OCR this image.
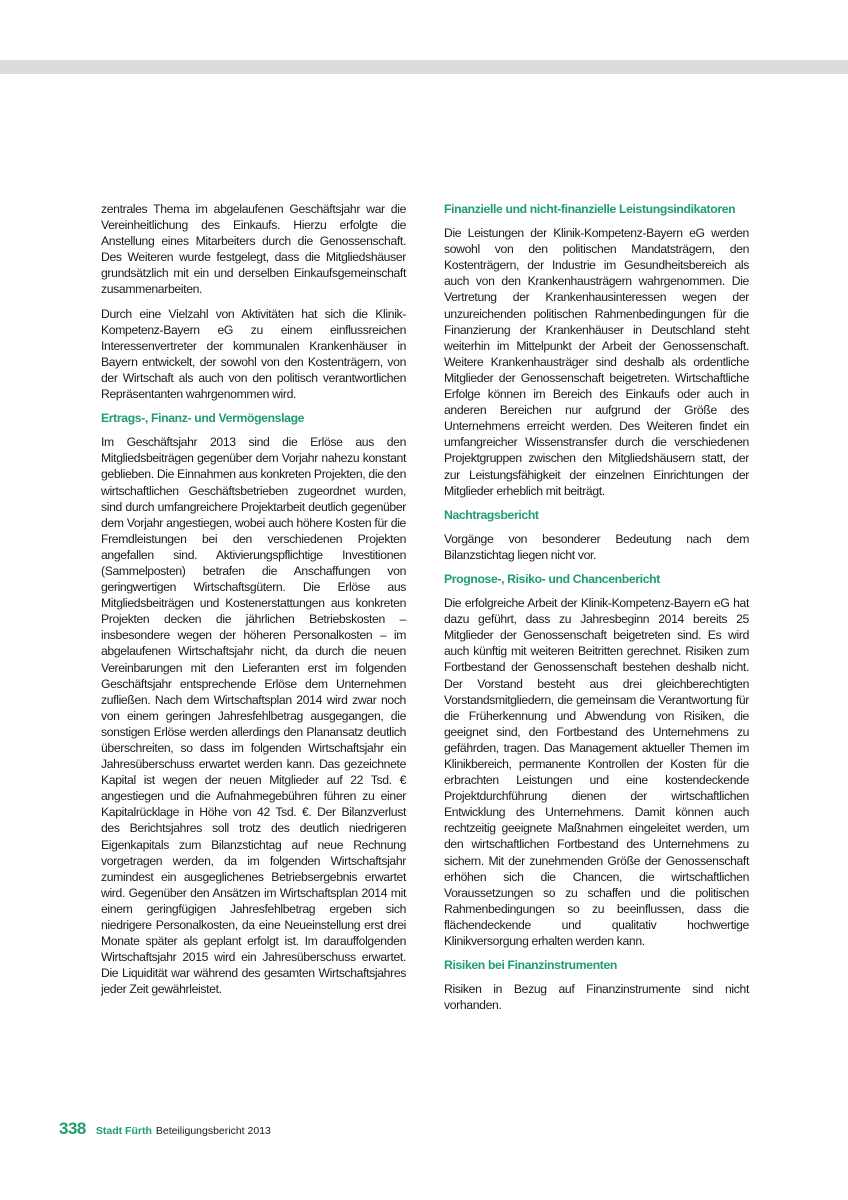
zentrales Thema im abgelaufenen Geschäftsjahr war die Vereinheitlichung des Einkaufs. Hierzu erfolgte die Anstellung eines Mitarbeiters durch die Genossenschaft. Des Weiteren wurde festgelegt, dass die Mitgliedshäuser grundsätzlich mit ein und derselben Einkaufsgemeinschaft zusammenarbeiten.

Durch eine Vielzahl von Aktivitäten hat sich die Klinik-Kompetenz-Bayern eG zu einem einflussreichen Interessenvertreter der kommunalen Krankenhäuser in Bayern entwickelt, der sowohl von den Kostenträgern, von der Wirtschaft als auch von den politisch verantwortlichen Repräsentanten wahrgenommen wird.

Ertrags-, Finanz- und Vermögenslage

Im Geschäftsjahr 2013 sind die Erlöse aus den Mitgliedsbeiträgen gegenüber dem Vorjahr nahezu konstant geblieben. Die Einnahmen aus konkreten Projekten, die den wirtschaftlichen Geschäftsbetrieben zugeordnet wurden, sind durch umfangreichere Projektarbeit deutlich gegenüber dem Vorjahr angestiegen, wobei auch höhere Kosten für die Fremdleistungen bei den verschiedenen Projekten angefallen sind. Aktivierungspflichtige Investitionen (Sammelposten) betrafen die Anschaffungen von geringwertigen Wirtschaftsgütern. Die Erlöse aus Mitgliedsbeiträgen und Kostenerstattungen aus konkreten Projekten decken die jährlichen Betriebskosten – insbesondere wegen der höheren Personalkosten – im abgelaufenen Wirtschaftsjahr nicht, da durch die neuen Vereinbarungen mit den Lieferanten erst im folgenden Geschäftsjahr entsprechende Erlöse dem Unternehmen zufließen. Nach dem Wirtschaftsplan 2014 wird zwar noch von einem geringen Jahresfehlbetrag ausgegangen, die sonstigen Erlöse werden allerdings den Planansatz deutlich überschreiten, so dass im folgenden Wirtschaftsjahr ein Jahresüberschuss erwartet werden kann. Das gezeichnete Kapital ist wegen der neuen Mitglieder auf 22 Tsd. € angestiegen und die Aufnahmegebühren führen zu einer Kapitalrücklage in Höhe von 42 Tsd. €. Der Bilanzverlust des Berichtsjahres soll trotz des deutlich niedrigeren Eigenkapitals zum Bilanzstichtag auf neue Rechnung vorgetragen werden, da im folgenden Wirtschaftsjahr zumindest ein ausgeglichenes Betriebsergebnis erwartet wird. Gegenüber den Ansätzen im Wirtschaftsplan 2014 mit einem geringfügigen Jahresfehlbetrag ergeben sich niedrigere Personalkosten, da eine Neueinstellung erst drei Monate später als geplant erfolgt ist. Im darauffolgenden Wirtschaftsjahr 2015 wird ein Jahresüberschuss erwartet. Die Liquidität war während des gesamten Wirtschaftsjahres jeder Zeit gewährleistet.

Finanzielle und nicht-finanzielle Leistungsindikatoren

Die Leistungen der Klinik-Kompetenz-Bayern eG werden sowohl von den politischen Mandatsträgern, den Kostenträgern, der Industrie im Gesundheitsbereich als auch von den Krankenhausträgern wahrgenommen. Die Vertretung der Krankenhausinteressen wegen der unzureichenden politischen Rahmenbedingungen für die Finanzierung der Krankenhäuser in Deutschland steht weiterhin im Mittelpunkt der Arbeit der Genossenschaft. Weitere Krankenhausträger sind deshalb als ordentliche Mitglieder der Genossenschaft beigetreten. Wirtschaftliche Erfolge können im Bereich des Einkaufs oder auch in anderen Bereichen nur aufgrund der Größe des Unternehmens erreicht werden. Des Weiteren findet ein umfangreicher Wissenstransfer durch die verschiedenen Projektgruppen zwischen den Mitgliedshäusern statt, der zur Leistungsfähigkeit der einzelnen Einrichtungen der Mitglieder erheblich mit beiträgt.

Nachtragsbericht

Vorgänge von besonderer Bedeutung nach dem Bilanzstichtag liegen nicht vor.

Prognose-, Risiko- und Chancenbericht

Die erfolgreiche Arbeit der Klinik-Kompetenz-Bayern eG hat dazu geführt, dass zu Jahresbeginn 2014 bereits 25 Mitglieder der Genossenschaft beigetreten sind. Es wird auch künftig mit weiteren Beitritten gerechnet. Risiken zum Fortbestand der Genossenschaft bestehen deshalb nicht. Der Vorstand besteht aus drei gleichberechtigten Vorstandsmitgliedern, die gemeinsam die Verantwortung für die Früherkennung und Abwendung von Risiken, die geeignet sind, den Fortbestand des Unternehmens zu gefährden, tragen. Das Management aktueller Themen im Klinikbereich, permanente Kontrollen der Kosten für die erbrachten Leistungen und eine kostendeckende Projektdurchführung dienen der wirtschaftlichen Entwicklung des Unternehmens. Damit können auch rechtzeitig geeignete Maßnahmen eingeleitet werden, um den wirtschaftlichen Fortbestand des Unternehmens zu sichern. Mit der zunehmenden Größe der Genossenschaft erhöhen sich die Chancen, die wirtschaftlichen Voraussetzungen so zu schaffen und die politischen Rahmenbedingungen so zu beeinflussen, dass die flächendeckende und qualitativ hochwertige Klinikversorgung erhalten werden kann.

Risiken bei Finanzinstrumenten

Risiken in Bezug auf Finanzinstrumente sind nicht vorhanden.

338 Stadt Fürth Beteiligungsbericht 2013
